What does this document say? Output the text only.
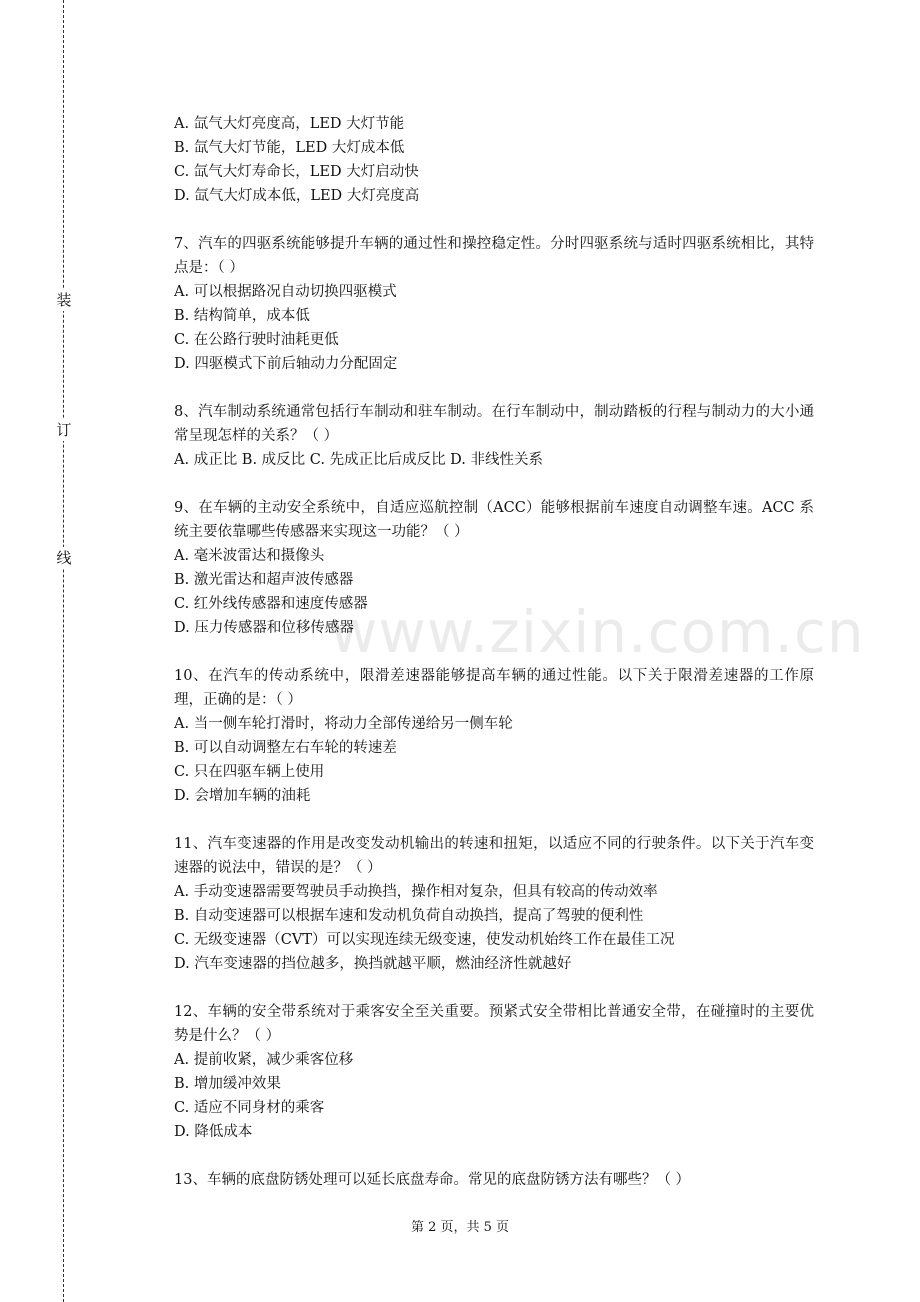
装
订
线
www.zixin.com.cn
A. 氙气大灯亮度高，LED 大灯节能
B. 氙气大灯节能，LED 大灯成本低
C. 氙气大灯寿命长，LED 大灯启动快
D. 氙气大灯成本低，LED 大灯亮度高
7、汽车的四驱系统能够提升车辆的通过性和操控稳定性。分时四驱系统与适时四驱系统相比，其特点是：（ ）
A. 可以根据路况自动切换四驱模式
B. 结构简单，成本低
C. 在公路行驶时油耗更低
D. 四驱模式下前后轴动力分配固定
8、汽车制动系统通常包括行车制动和驻车制动。在行车制动中，制动踏板的行程与制动力的大小通常呈现怎样的关系？（ ）
A. 成正比 B. 成反比 C. 先成正比后成反比 D. 非线性关系
9、在车辆的主动安全系统中，自适应巡航控制（ACC）能够根据前车速度自动调整车速。ACC 系统主要依靠哪些传感器来实现这一功能？（ ）
A. 毫米波雷达和摄像头
B. 激光雷达和超声波传感器
C. 红外线传感器和速度传感器
D. 压力传感器和位移传感器
10、在汽车的传动系统中，限滑差速器能够提高车辆的通过性能。以下关于限滑差速器的工作原理，正确的是：（ ）
A. 当一侧车轮打滑时，将动力全部传递给另一侧车轮
B. 可以自动调整左右车轮的转速差
C. 只在四驱车辆上使用
D. 会增加车辆的油耗
11、汽车变速器的作用是改变发动机输出的转速和扭矩，以适应不同的行驶条件。以下关于汽车变速器的说法中，错误的是？（ ）
A. 手动变速器需要驾驶员手动换挡，操作相对复杂，但具有较高的传动效率
B. 自动变速器可以根据车速和发动机负荷自动换挡，提高了驾驶的便利性
C. 无级变速器（CVT）可以实现连续无级变速，使发动机始终工作在最佳工况
D. 汽车变速器的挡位越多，换挡就越平顺，燃油经济性就越好
12、车辆的安全带系统对于乘客安全至关重要。预紧式安全带相比普通安全带，在碰撞时的主要优势是什么？（ ）
A. 提前收紧，减少乘客位移
B. 增加缓冲效果
C. 适应不同身材的乘客
D. 降低成本
13、车辆的底盘防锈处理可以延长底盘寿命。常见的底盘防锈方法有哪些？（ ）
第 2 页，共 5 页
